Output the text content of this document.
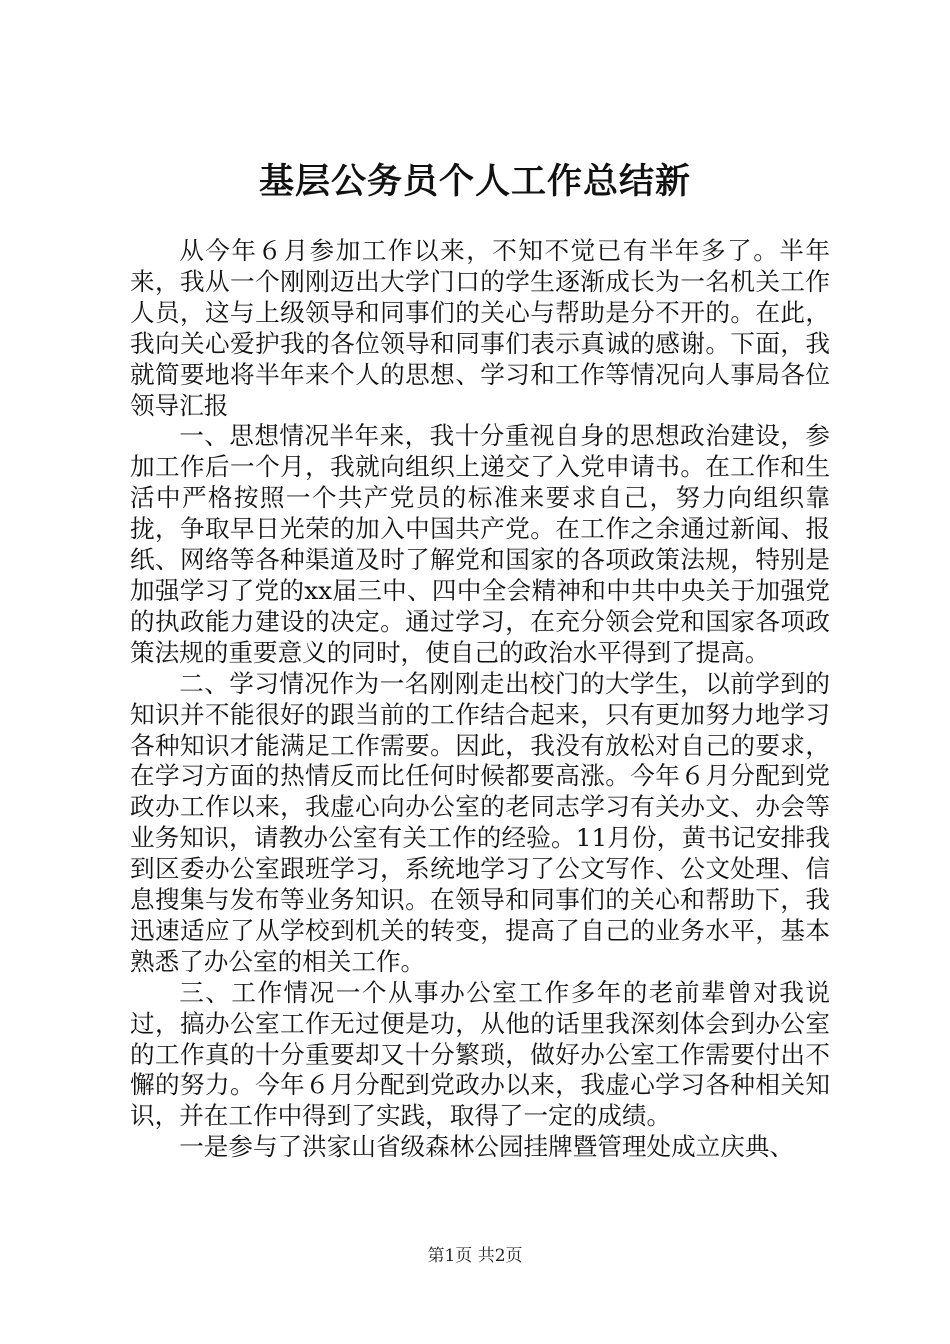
基层公务员个人工作总结新

从今年６月参加工作以来，不知不觉已有半年多了。半年来，我从一个刚刚迈出大学门口的学生逐渐成长为一名机关工作人员，这与上级领导和同事们的关心与帮助是分不开的。在此，我向关心爱护我的各位领导和同事们表示真诚的感谢。下面，我就简要地将半年来个人的思想、学习和工作等情况向人事局各位领导汇报

一、思想情况半年来，我十分重视自身的思想政治建设，参加工作后一个月，我就向组织上递交了入党申请书。在工作和生活中严格按照一个共产党员的标准来要求自己，努力向组织靠拢，争取早日光荣的加入中国共产党。在工作之余通过新闻、报纸、网络等各种渠道及时了解党和国家的各项政策法规，特别是加强学习了党的xx届三中、四中全会精神和中共中央关于加强党的执政能力建设的决定。通过学习，在充分领会党和国家各项政策法规的重要意义的同时，使自己的政治水平得到了提高。

二、学习情况作为一名刚刚走出校门的大学生，以前学到的知识并不能很好的跟当前的工作结合起来，只有更加努力地学习各种知识才能满足工作需要。因此，我没有放松对自己的要求，在学习方面的热情反而比任何时候都要高涨。今年６月分配到党政办工作以来，我虚心向办公室的老同志学习有关办文、办会等业务知识，请教办公室有关工作的经验。11月份，黄书记安排我到区委办公室跟班学习，系统地学习了公文写作、公文处理、信息搜集与发布等业务知识。在领导和同事们的关心和帮助下，我迅速适应了从学校到机关的转变，提高了自己的业务水平，基本熟悉了办公室的相关工作。

三、工作情况一个从事办公室工作多年的老前辈曾对我说过，搞办公室工作无过便是功，从他的话里我深刻体会到办公室的工作真的十分重要却又十分繁琐，做好办公室工作需要付出不懈的努力。今年６月分配到党政办以来，我虚心学习各种相关知识，并在工作中得到了实践，取得了一定的成绩。

一是参与了洪家山省级森林公园挂牌暨管理处成立庆典、

第1页 共2页
